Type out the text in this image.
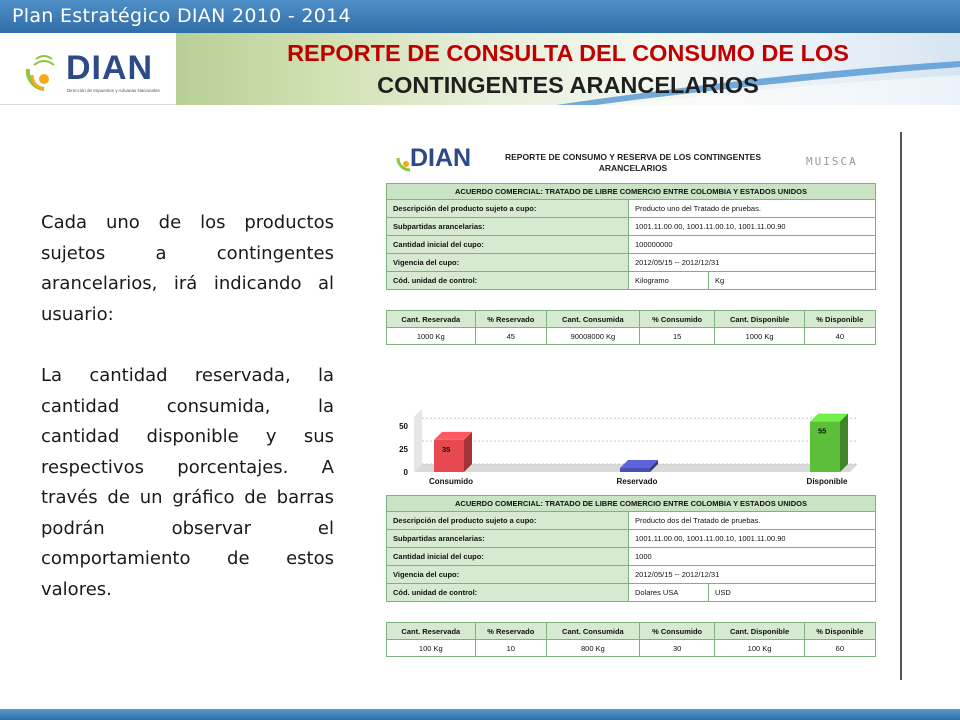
Plan Estratégico DIAN 2010 - 2014
DIAN
Dirección de Impuestos y Aduanas Nacionales
REPORTE DE CONSULTA DEL CONSUMO DE LOS
CONTINGENTES ARANCELARIOS

Cada uno de los productos sujetos a contingentes arancelarios, irá indicando al usuario:

La cantidad reservada, la cantidad consumida, la cantidad disponible y sus respectivos porcentajes. A través de un gráfico de barras podrán observar el comportamiento de estos valores.

DIAN	REPORTE DE CONSUMO Y RESERVA DE LOS CONTINGENTES
ARANCELARIOS	MUISCA
ACUERDO COMERCIAL: TRATADO DE LIBRE COMERCIO ENTRE COLOMBIA Y ESTADOS UNIDOS		
Descripción del producto sujeto a cupo:	Producto uno del Tratado de pruebas.	
Subpartidas arancelarias:	1001.11.00.00, 1001.11.00.10, 1001.11.00.90	
Cantidad inicial del cupo:	100000000	
Vigencia del cupo:	2012/05/15 -- 2012/12/31	
Cód. unidad de control:	Kilogramo	Kg
Cant. Reservada	% Reservado	Cant. Consumida	% Consumido	Cant. Disponible	% Disponible
1000 Kg	45	90008000 Kg	15	1000 Kg	40
0
25
50
35
Consumido	Reservado
55
Disponible
ACUERDO COMERCIAL: TRATADO DE LIBRE COMERCIO ENTRE COLOMBIA Y ESTADOS UNIDOS		
Descripción del producto sujeto a cupo:	Producto dos del Tratado de pruebas.	
Subpartidas arancelarias:	1001.11.00.00, 1001.11.00.10, 1001.11.00.90	
Cantidad inicial del cupo:	1000	
Vigencia del cupo:	2012/05/15 -- 2012/12/31	
Cód. unidad de control:	Dolares USA	USD
Cant. Reservada	% Reservado	Cant. Consumida	% Consumido	Cant. Disponible	% Disponible
100 Kg	10	800 Kg	30	100 Kg	60
